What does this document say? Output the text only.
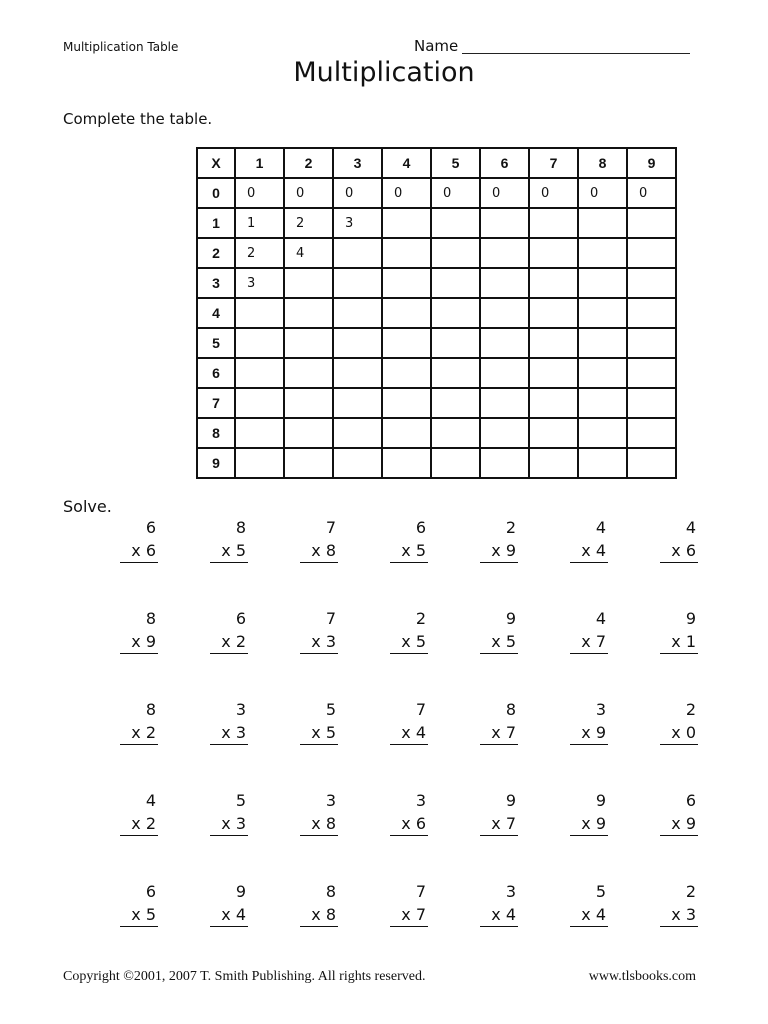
Multiplication Table	Name
Multiplication
Complete the table.
X	1	2	3	4	5	6	7	8	9
0	0	0	0	0	0	0	0	0	0
1	1	2	3						
2	2	4							
3	3								
4									
5									
6									
7									
8									
9									
Solve.
6
x 6
8
x 5
7
x 8
6
x 5
2
x 9
4
x 4
4
x 6
8
x 9
6
x 2
7
x 3
2
x 5
9
x 5
4
x 7
9
x 1
8
x 2
3
x 3
5
x 5
7
x 4
8
x 7
3
x 9
2
x 0
4
x 2
5
x 3
3
x 8
3
x 6
9
x 7
9
x 9
6
x 9
6
x 5
9
x 4
8
x 8
7
x 7
3
x 4
5
x 4
2
x 3
Copyright ©2001, 2007 T. Smith Publishing. All rights reserved.	www.tlsbooks.com
